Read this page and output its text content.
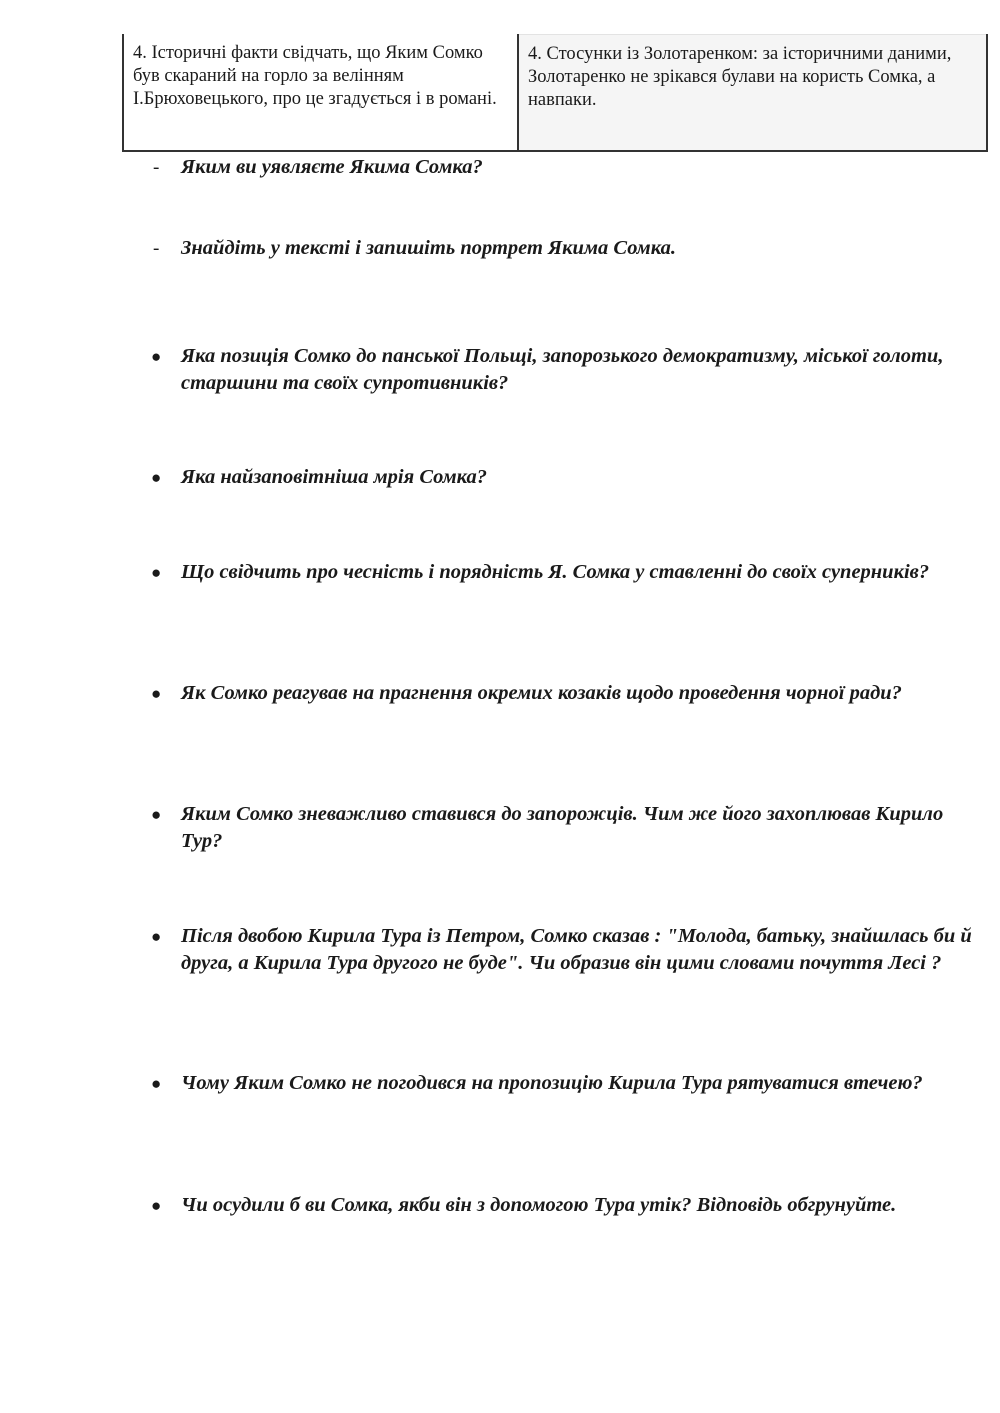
4. Історичні факти свідчать, що Яким Сомко був скараний на горло за велінням І.Брюховецького, про це згадується і в романі.
4. Стосунки із Золотаренком: за історичними даними, Золотаренко не зрікався булави на користь Сомка, а навпаки.
- Яким ви уявляєте Якима Сомка?
- Знайдіть у тексті і запишіть портрет Якима Сомка.
● Яка позиція Сомко до панської Польщі, запорозького демократизму, міської голоти, старшини та своїх супротивників?
● Яка найзаповітніша мрія Сомка?
● Що свідчить про чесність і порядність Я. Сомка у ставленні до своїх суперників?
● Як Сомко реагував на прагнення окремих козаків щодо проведення чорної ради?
● Яким Сомко зневажливо ставився до запорожців. Чим же його захоплював Кирило Тур?
● Після двобою Кирила Тура із Петром, Сомко сказав : "Молода, батьку, знайшлась би й друга, а Кирила Тура другого не буде". Чи образив він цими словами почуття Лесі ?
● Чому Яким Сомко не погодився на пропозицію Кирила Тура рятуватися втечею?
● Чи осудили б ви Сомка, якби він з допомогою Тура утік? Відповідь обгрунуйте.
